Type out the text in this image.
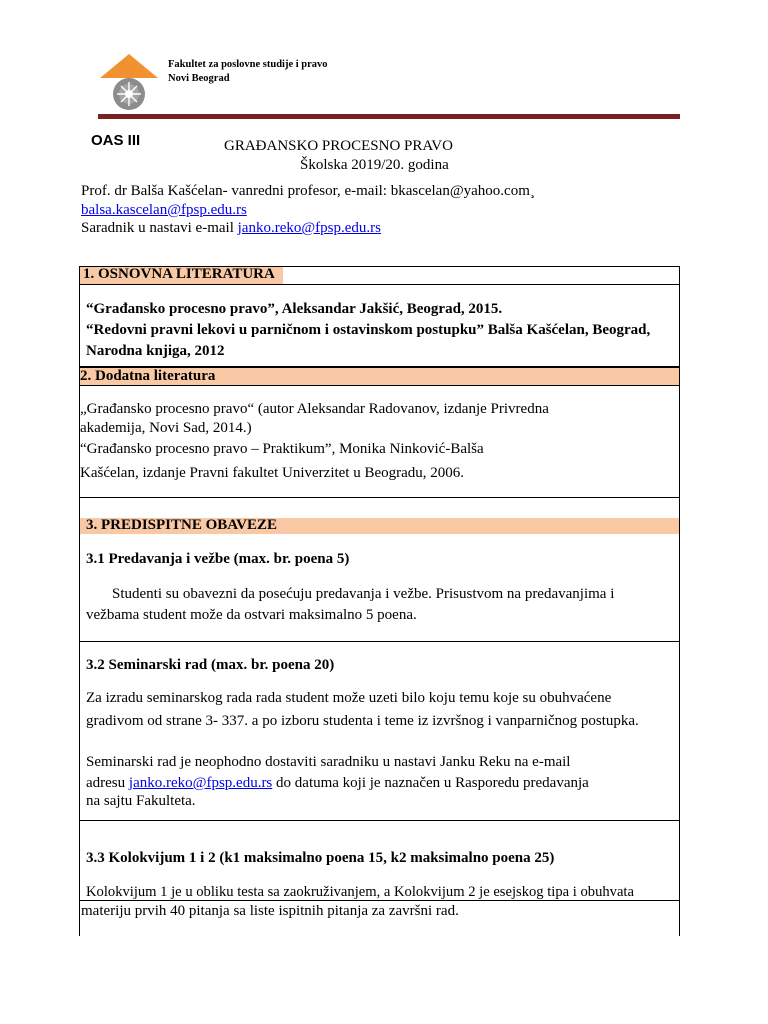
Fakultet za poslovne studije i pravo
Novi Beograd
OAS III	GRAĐANSKO PROCESNO PRAVO
Školska 2019/20. godina
Prof. dr Balša Kašćelan- vanredni profesor, e-mail: bkascelan@yahoo.com¸
balsa.kascelan@fpsp.edu.rs
Saradnik u nastavi e-mail janko.reko@fpsp.edu.rs
1. OSNOVNA LITERATURA
“Građansko procesno pravo”, Aleksandar Jakšić, Beograd, 2015.
“Redovni pravni lekovi u parničnom i ostavinskom postupku” Balša Kašćelan, Beograd,
Narodna knjiga, 2012
2. Dodatna literatura
„Građansko procesno pravo“ (autor Aleksandar Radovanov, izdanje Privredna
akademija, Novi Sad, 2014.)
“Građansko procesno pravo – Praktikum”, Monika Ninković-Balša
Kašćelan, izdanje Pravni fakultet Univerzitet u Beogradu, 2006.
3. PREDISPITNE OBAVEZE
3.1 Predavanja i vežbe (max. br. poena 5)
Studenti su obavezni da posećuju predavanja i vežbe. Prisustvom na predavanjima i
vežbama student može da ostvari maksimalno 5 poena.
3.2 Seminarski rad (max. br. poena 20)
Za izradu seminarskog rada rada student može uzeti bilo koju temu koje su obuhvaćene
gradivom od strane 3- 337. a po izboru studenta i teme iz izvršnog i vanparničnog postupka.
Seminarski rad je neophodno dostaviti saradniku u nastavi Janku Reku na e-mail
adresu janko.reko@fpsp.edu.rs do datuma koji je naznačen u Rasporedu predavanja
na sajtu Fakulteta.
3.3 Kolokvijum 1 i 2 (k1 maksimalno poena 15, k2 maksimalno poena 25)
Kolokvijum 1 je u obliku testa sa zaokruživanjem, a Kolokvijum 2 je esejskog tipa i obuhvata
materiju prvih 40 pitanja sa liste ispitnih pitanja za završni rad.
